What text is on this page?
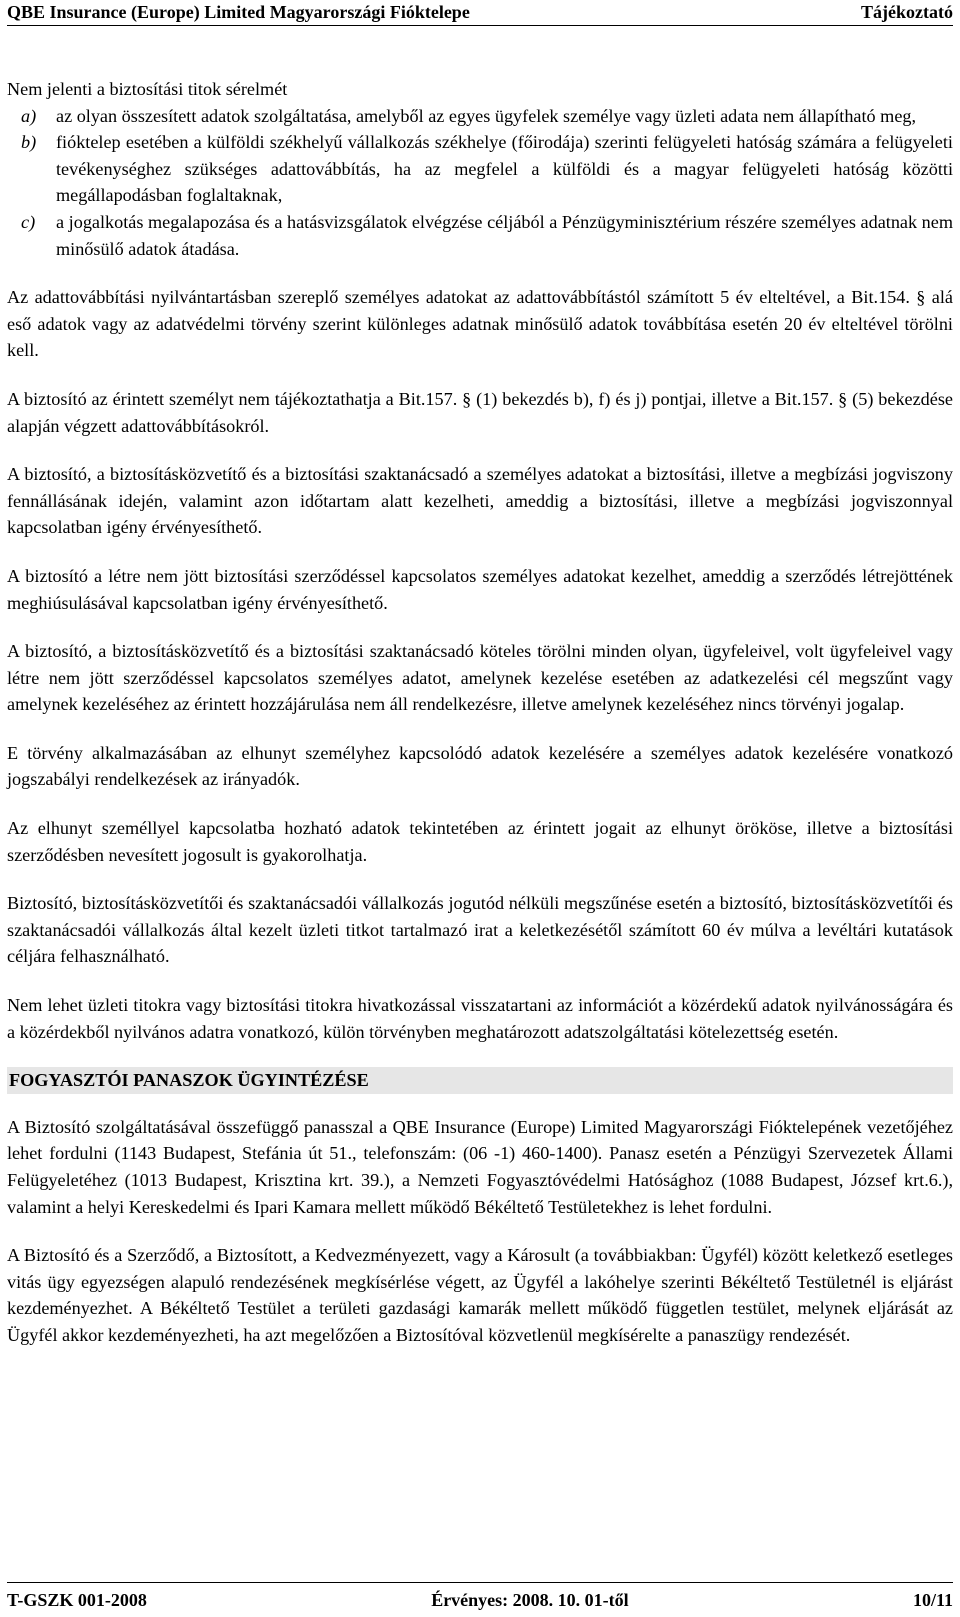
QBE Insurance (Europe) Limited Magyarországi Fióktelepe	Tájékoztató
Nem jelenti a biztosítási titok sérelmét
a)	az olyan összesített adatok szolgáltatása, amelyből az egyes ügyfelek személye vagy üzleti adata nem állapítható meg,
b)	fióktelep esetében a külföldi székhelyű vállalkozás székhelye (főirodája) szerinti felügyeleti hatóság számára a felügyeleti tevékenységhez szükséges adattovábbítás, ha az megfelel a külföldi és a magyar felügyeleti hatóság közötti megállapodásban foglaltaknak,
c)	a jogalkotás megalapozása és a hatásvizsgálatok elvégzése céljából a Pénzügyminisztérium részére személyes adatnak nem minősülő adatok átadása.

Az adattovábbítási nyilvántartásban szereplő személyes adatokat az adattovábbítástól számított 5 év elteltével, a Bit.154. § alá eső adatok vagy az adatvédelmi törvény szerint különleges adatnak minősülő adatok továbbítása esetén 20 év elteltével törölni kell.

A biztosító az érintett személyt nem tájékoztathatja a Bit.157. § (1) bekezdés b), f) és j) pontjai, illetve a Bit.157. § (5) bekezdése alapján végzett adattovábbításokról.

A biztosító, a biztosításközvetítő és a biztosítási szaktanácsadó a személyes adatokat a biztosítási, illetve a megbízási jogviszony fennállásának idején, valamint azon időtartam alatt kezelheti, ameddig a biztosítási, illetve a megbízási jogviszonnyal kapcsolatban igény érvényesíthető.

A biztosító a létre nem jött biztosítási szerződéssel kapcsolatos személyes adatokat kezelhet, ameddig a szerződés létrejöttének meghiúsulásával kapcsolatban igény érvényesíthető.

A biztosító, a biztosításközvetítő és a biztosítási szaktanácsadó köteles törölni minden olyan, ügyfeleivel, volt ügyfeleivel vagy létre nem jött szerződéssel kapcsolatos személyes adatot, amelynek kezelése esetében az adatkezelési cél megszűnt vagy amelynek kezeléséhez az érintett hozzájárulása nem áll rendelkezésre, illetve amelynek kezeléséhez nincs törvényi jogalap.

E törvény alkalmazásában az elhunyt személyhez kapcsolódó adatok kezelésére a személyes adatok kezelésére vonatkozó jogszabályi rendelkezések az irányadók.

Az elhunyt személlyel kapcsolatba hozható adatok tekintetében az érintett jogait az elhunyt örököse, illetve a biztosítási szerződésben nevesített jogosult is gyakorolhatja.

Biztosító, biztosításközvetítői és szaktanácsadói vállalkozás jogutód nélküli megszűnése esetén a biztosító, biztosításközvetítői és szaktanácsadói vállalkozás által kezelt üzleti titkot tartalmazó irat a keletkezésétől számított 60 év múlva a levéltári kutatások céljára felhasználható.

Nem lehet üzleti titokra vagy biztosítási titokra hivatkozással visszatartani az információt a közérdekű adatok nyilvánosságára és a közérdekből nyilvános adatra vonatkozó, külön törvényben meghatározott adatszolgáltatási kötelezettség esetén.

FOGYASZTÓI PANASZOK ÜGYINTÉZÉSE

A Biztosító szolgáltatásával összefüggő panasszal a QBE Insurance (Europe) Limited Magyarországi Fióktelepének vezetőjéhez lehet fordulni (1143 Budapest, Stefánia út 51., telefonszám: (06 -1) 460-1400). Panasz esetén a Pénzügyi Szervezetek Állami Felügyeletéhez (1013 Budapest, Krisztina krt. 39.), a Nemzeti Fogyasztóvédelmi Hatósághoz (1088 Budapest, József krt.6.), valamint a helyi Kereskedelmi és Ipari Kamara mellett működő Békéltető Testületekhez is lehet fordulni.

A Biztosító és a Szerződő, a Biztosított, a Kedvezményezett, vagy a Károsult (a továbbiakban: Ügyfél) között keletkező esetleges vitás ügy egyezségen alapuló rendezésének megkísérlése végett, az Ügyfél a lakóhelye szerinti Békéltető Testületnél is eljárást kezdeményezhet. A Békéltető Testület a területi gazdasági kamarák mellett működő független testület, melynek eljárását az Ügyfél akkor kezdeményezheti, ha azt megelőzően a Biztosítóval közvetlenül megkísérelte a panaszügy rendezését.

T-GSZK 001-2008	Érvényes: 2008. 10. 01-től	10/11
